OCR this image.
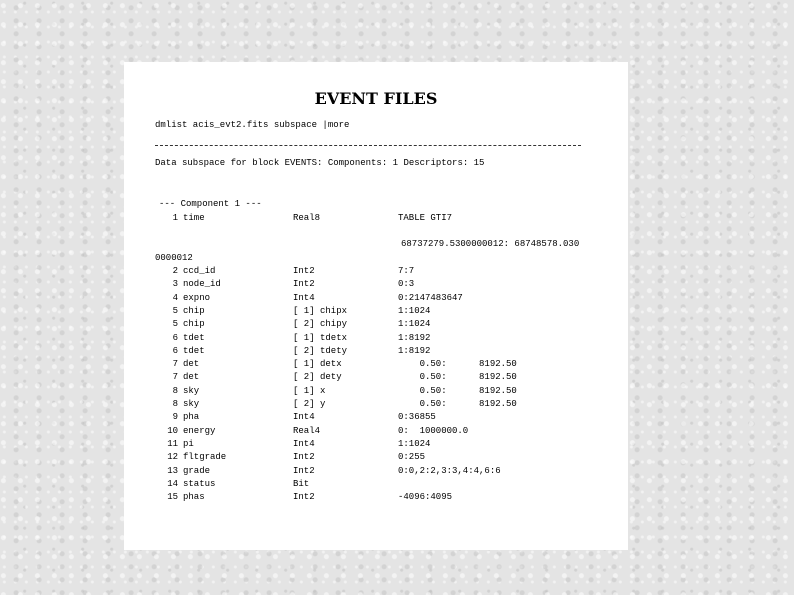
EVENT FILES
dmlist acis_evt2.fits subspace |more
Data subspace for block EVENTS: Components: 1 Descriptors: 15
--- Component 1 ---
1 time	Real8	TABLE GTI7
68737279.5300000012: 68748578.030
0000012
2 ccd_id	Int2	7:7
3 node_id	Int2	0:3
4 expno	Int4	0:2147483647
5 chip	[ 1] chipx	1:1024
5 chip	[ 2] chipy	1:1024
6 tdet	[ 1] tdetx	1:8192
6 tdet	[ 2] tdety	1:8192
7 det	[ 1] detx	0.50:      8192.50
7 det	[ 2] dety	0.50:      8192.50
8 sky	[ 1] x	0.50:      8192.50
8 sky	[ 2] y	0.50:      8192.50
9 pha	Int4	0:36855
10 energy	Real4	0:  1000000.0
11 pi	Int4	1:1024
12 fltgrade	Int2	0:255
13 grade	Int2	0:0,2:2,3:3,4:4,6:6
14 status	Bit
15 phas	Int2	-4096:4095
